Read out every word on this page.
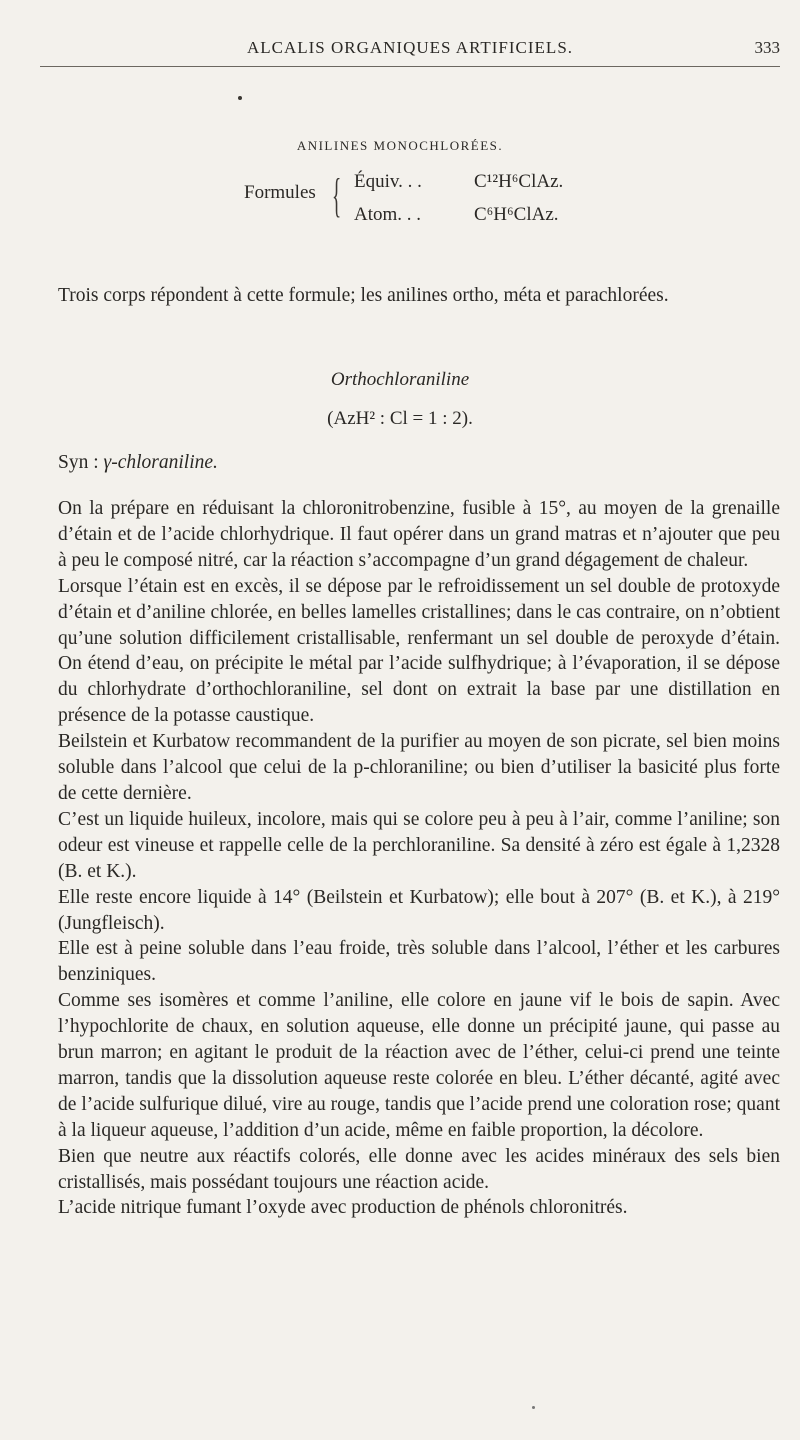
ALCALIS ORGANIQUES ARTIFICIELS.	333
ANILINES MONOCHLORÉES.
Formules { Équiv. . .	C¹²H⁶ClAz.
Atom. . .	C⁶H⁶ClAz.
Trois corps répondent à cette formule; les anilines ortho, méta et parachlorées.
Orthochloraniline
(AzH² : Cl = 1 : 2).
Syn : γ-chloraniline.

On la prépare en réduisant la chloronitrobenzine, fusible à 15°, au moyen de la grenaille d’étain et de l’acide chlorhydrique. Il faut opérer dans un grand matras et n’ajouter que peu à peu le composé nitré, car la réaction s’accompagne d’un grand dégagement de chaleur.

Lorsque l’étain est en excès, il se dépose par le refroidissement un sel double de protoxyde d’étain et d’aniline chlorée, en belles lamelles cristallines; dans le cas contraire, on n’obtient qu’une solution difficilement cristallisable, renfermant un sel double de peroxyde d’étain. On étend d’eau, on précipite le métal par l’acide sulfhydrique; à l’évaporation, il se dépose du chlorhydrate d’orthochloraniline, sel dont on extrait la base par une distillation en présence de la potasse caustique.

Beilstein et Kurbatow recommandent de la purifier au moyen de son picrate, sel bien moins soluble dans l’alcool que celui de la p-chloraniline; ou bien d’utiliser la basicité plus forte de cette dernière.

C’est un liquide huileux, incolore, mais qui se colore peu à peu à l’air, comme l’aniline; son odeur est vineuse et rappelle celle de la perchloraniline. Sa densité à zéro est égale à 1,2328 (B. et K.).

Elle reste encore liquide à 14° (Beilstein et Kurbatow); elle bout à 207° (B. et K.), à 219° (Jungfleisch).

Elle est à peine soluble dans l’eau froide, très soluble dans l’alcool, l’éther et les carbures benziniques.

Comme ses isomères et comme l’aniline, elle colore en jaune vif le bois de sapin. Avec l’hypochlorite de chaux, en solution aqueuse, elle donne un précipité jaune, qui passe au brun marron; en agitant le produit de la réaction avec de l’éther, celui-ci prend une teinte marron, tandis que la dissolution aqueuse reste colorée en bleu. L’éther décanté, agité avec de l’acide sulfurique dilué, vire au rouge, tandis que l’acide prend une coloration rose; quant à la liqueur aqueuse, l’addition d’un acide, même en faible proportion, la décolore.

Bien que neutre aux réactifs colorés, elle donne avec les acides minéraux des sels bien cristallisés, mais possédant toujours une réaction acide.

L’acide nitrique fumant l’oxyde avec production de phénols chloronitrés.
